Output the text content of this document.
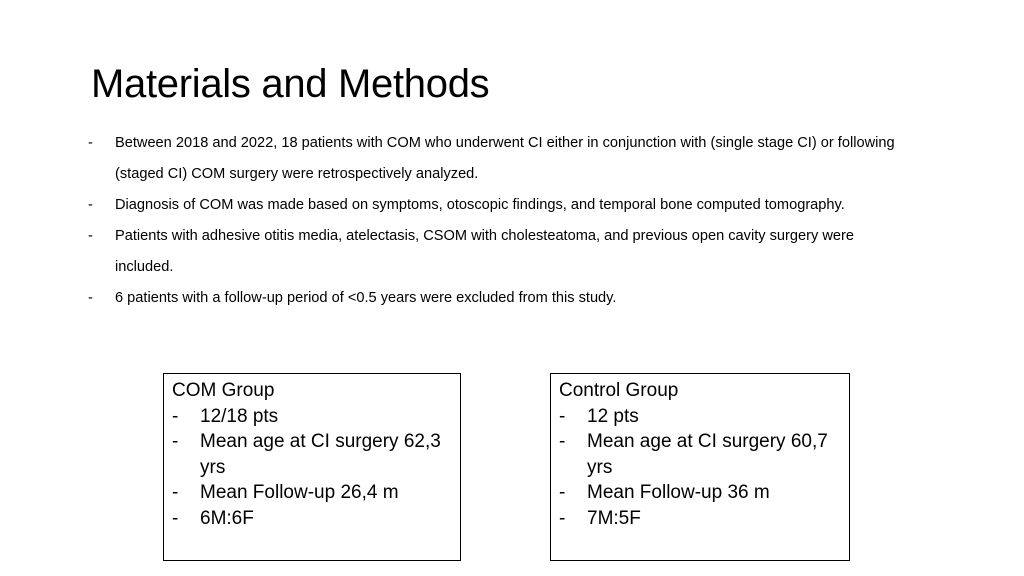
Materials and Methods
- Between 2018 and 2022, 18 patients with COM who underwent CI either in conjunction with (single stage CI) or following (staged CI) COM surgery were retrospectively analyzed.
- Diagnosis of COM was made based on symptoms, otoscopic findings, and temporal bone computed tomography.
- Patients with adhesive otitis media, atelectasis, CSOM with cholesteatoma, and previous open cavity surgery were included.
- 6 patients with a follow-up period of <0.5 years were excluded from this study.
COM Group
- 12/18 pts
- Mean age at CI surgery 62,3 yrs
- Mean Follow-up 26,4 m
- 6M:6F
Control Group
- 12 pts
- Mean age at CI surgery 60,7 yrs
- Mean Follow-up 36 m
- 7M:5F
